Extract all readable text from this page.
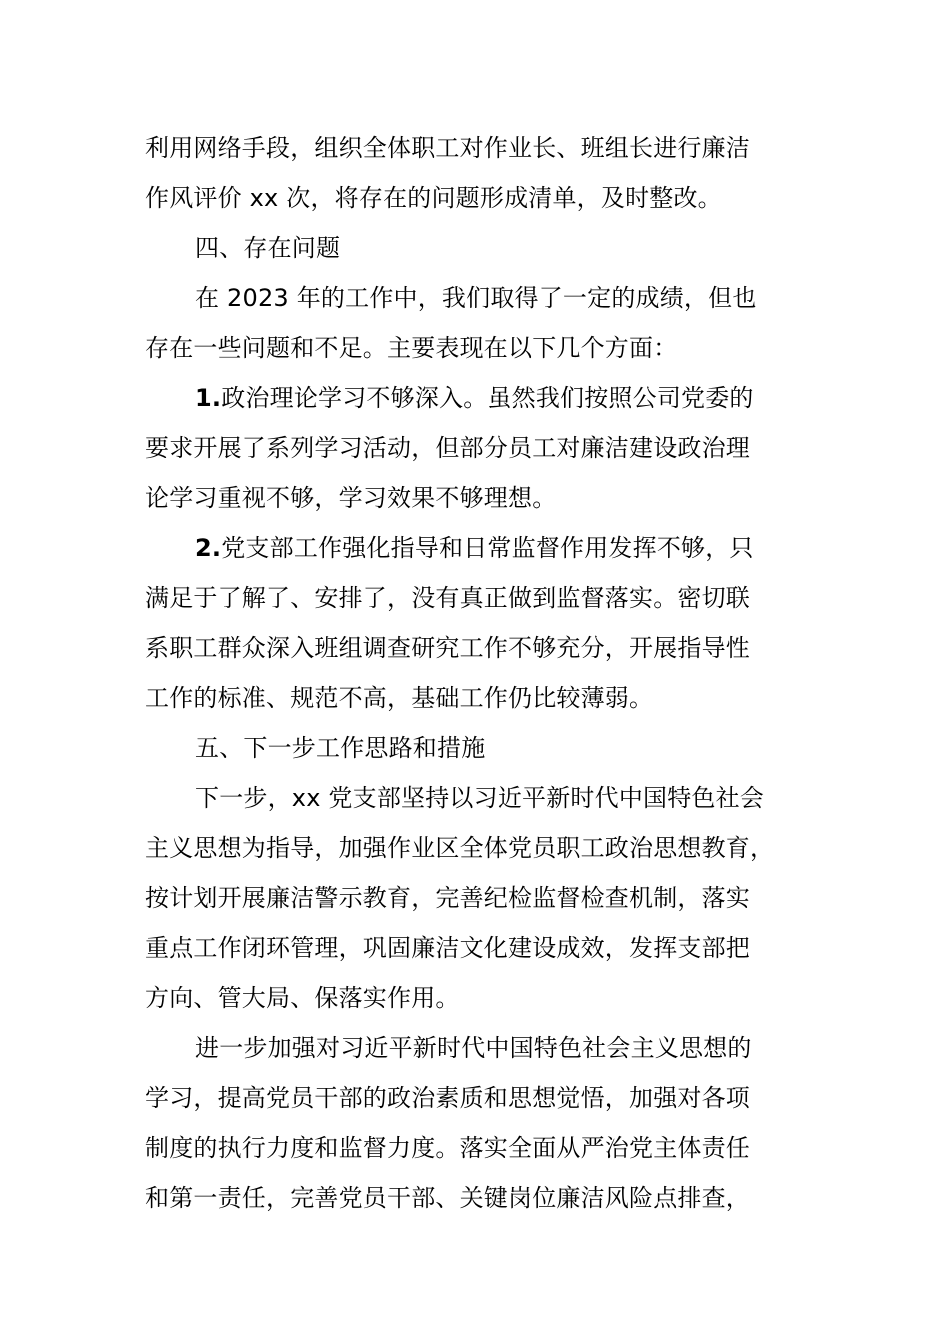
利用网络手段，组织全体职工对作业长、班组长进行廉洁
作风评价 xx 次，将存在的问题形成清单，及时整改。
四、存在问题
在 2023 年的工作中，我们取得了一定的成绩，但也
存在一些问题和不足。主要表现在以下几个方面：
1.政治理论学习不够深入。虽然我们按照公司党委的
要求开展了系列学习活动，但部分员工对廉洁建设政治理
论学习重视不够，学习效果不够理想。
2.党支部工作强化指导和日常监督作用发挥不够，只
满足于了解了、安排了，没有真正做到监督落实。密切联
系职工群众深入班组调查研究工作不够充分，开展指导性
工作的标准、规范不高，基础工作仍比较薄弱。
五、下一步工作思路和措施
下一步，xx 党支部坚持以习近平新时代中国特色社会
主义思想为指导，加强作业区全体党员职工政治思想教育，
按计划开展廉洁警示教育，完善纪检监督检查机制，落实
重点工作闭环管理，巩固廉洁文化建设成效，发挥支部把
方向、管大局、保落实作用。
进一步加强对习近平新时代中国特色社会主义思想的
学习，提高党员干部的政治素质和思想觉悟，加强对各项
制度的执行力度和监督力度。落实全面从严治党主体责任
和第一责任，完善党员干部、关键岗位廉洁风险点排查，
